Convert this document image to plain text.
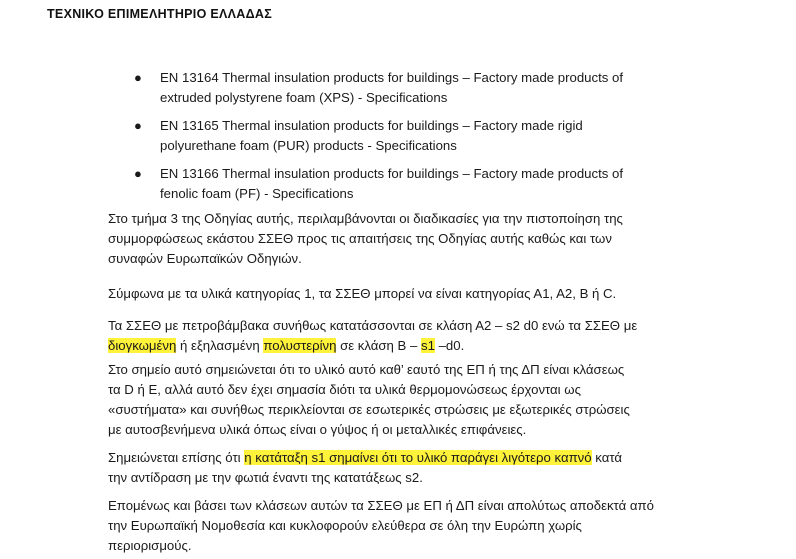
ΤΕΧΝΙΚΟ ΕΠΙΜΕΛΗΤΗΡΙΟ ΕΛΛΑΔΑΣ
● EN 13164 Thermal insulation products for buildings – Factory made products of
extruded polystyrene foam (XPS) - Specifications
● EN 13165 Thermal insulation products for buildings – Factory made rigid
polyurethane foam (PUR) products - Specifications
● EN 13166 Thermal insulation products for buildings – Factory made products of
fenolic foam (PF) - Specifications
Στο τμήμα 3 της Οδηγίας αυτής, περιλαμβάνονται οι διαδικασίες για την πιστοποίηση της
συμμορφώσεως εκάστου ΣΣΕΘ προς τις απαιτήσεις της Οδηγίας αυτής καθώς και των
συναφών Ευρωπαϊκών Οδηγιών.
Σύμφωνα με τα υλικά κατηγορίας 1, τα ΣΣΕΘ μπορεί να είναι κατηγορίας Α1, Α2, Β ή C.
Τα ΣΣΕΘ με πετροβάμβακα συνήθως κατατάσσονται σε κλάση Α2 – s2 d0 ενώ τα ΣΣΕΘ με
διογκωμένη ή εξηλασμένη πολυστερίνη σε κλάση Β – s1 –d0.
Στο σημείο αυτό σημειώνεται ότι το υλικό αυτό καθ’ εαυτό της ΕΠ ή της ΔΠ είναι κλάσεως
τα D ή E, αλλά αυτό δεν έχει σημασία διότι τα υλικά θερμομονώσεως έρχονται ως
«συστήματα» και συνήθως περικλείονται σε εσωτερικές στρώσεις με εξωτερικές στρώσεις
με αυτοσβενήμενα υλικά όπως είναι ο γύψος ή οι μεταλλικές επιφάνειες.
Σημειώνεται επίσης ότι η κατάταξη s1 σημαίνει ότι το υλικό παράγει λιγότερο καπνό κατά
την αντίδραση με την φωτιά έναντι της κατατάξεως s2.
Επομένως και βάσει των κλάσεων αυτών τα ΣΣΕΘ με ΕΠ ή ΔΠ είναι απολύτως αποδεκτά από
την Ευρωπαϊκή Νομοθεσία και κυκλοφορούν ελεύθερα σε όλη την Ευρώπη χωρίς
περιορισμούς.
